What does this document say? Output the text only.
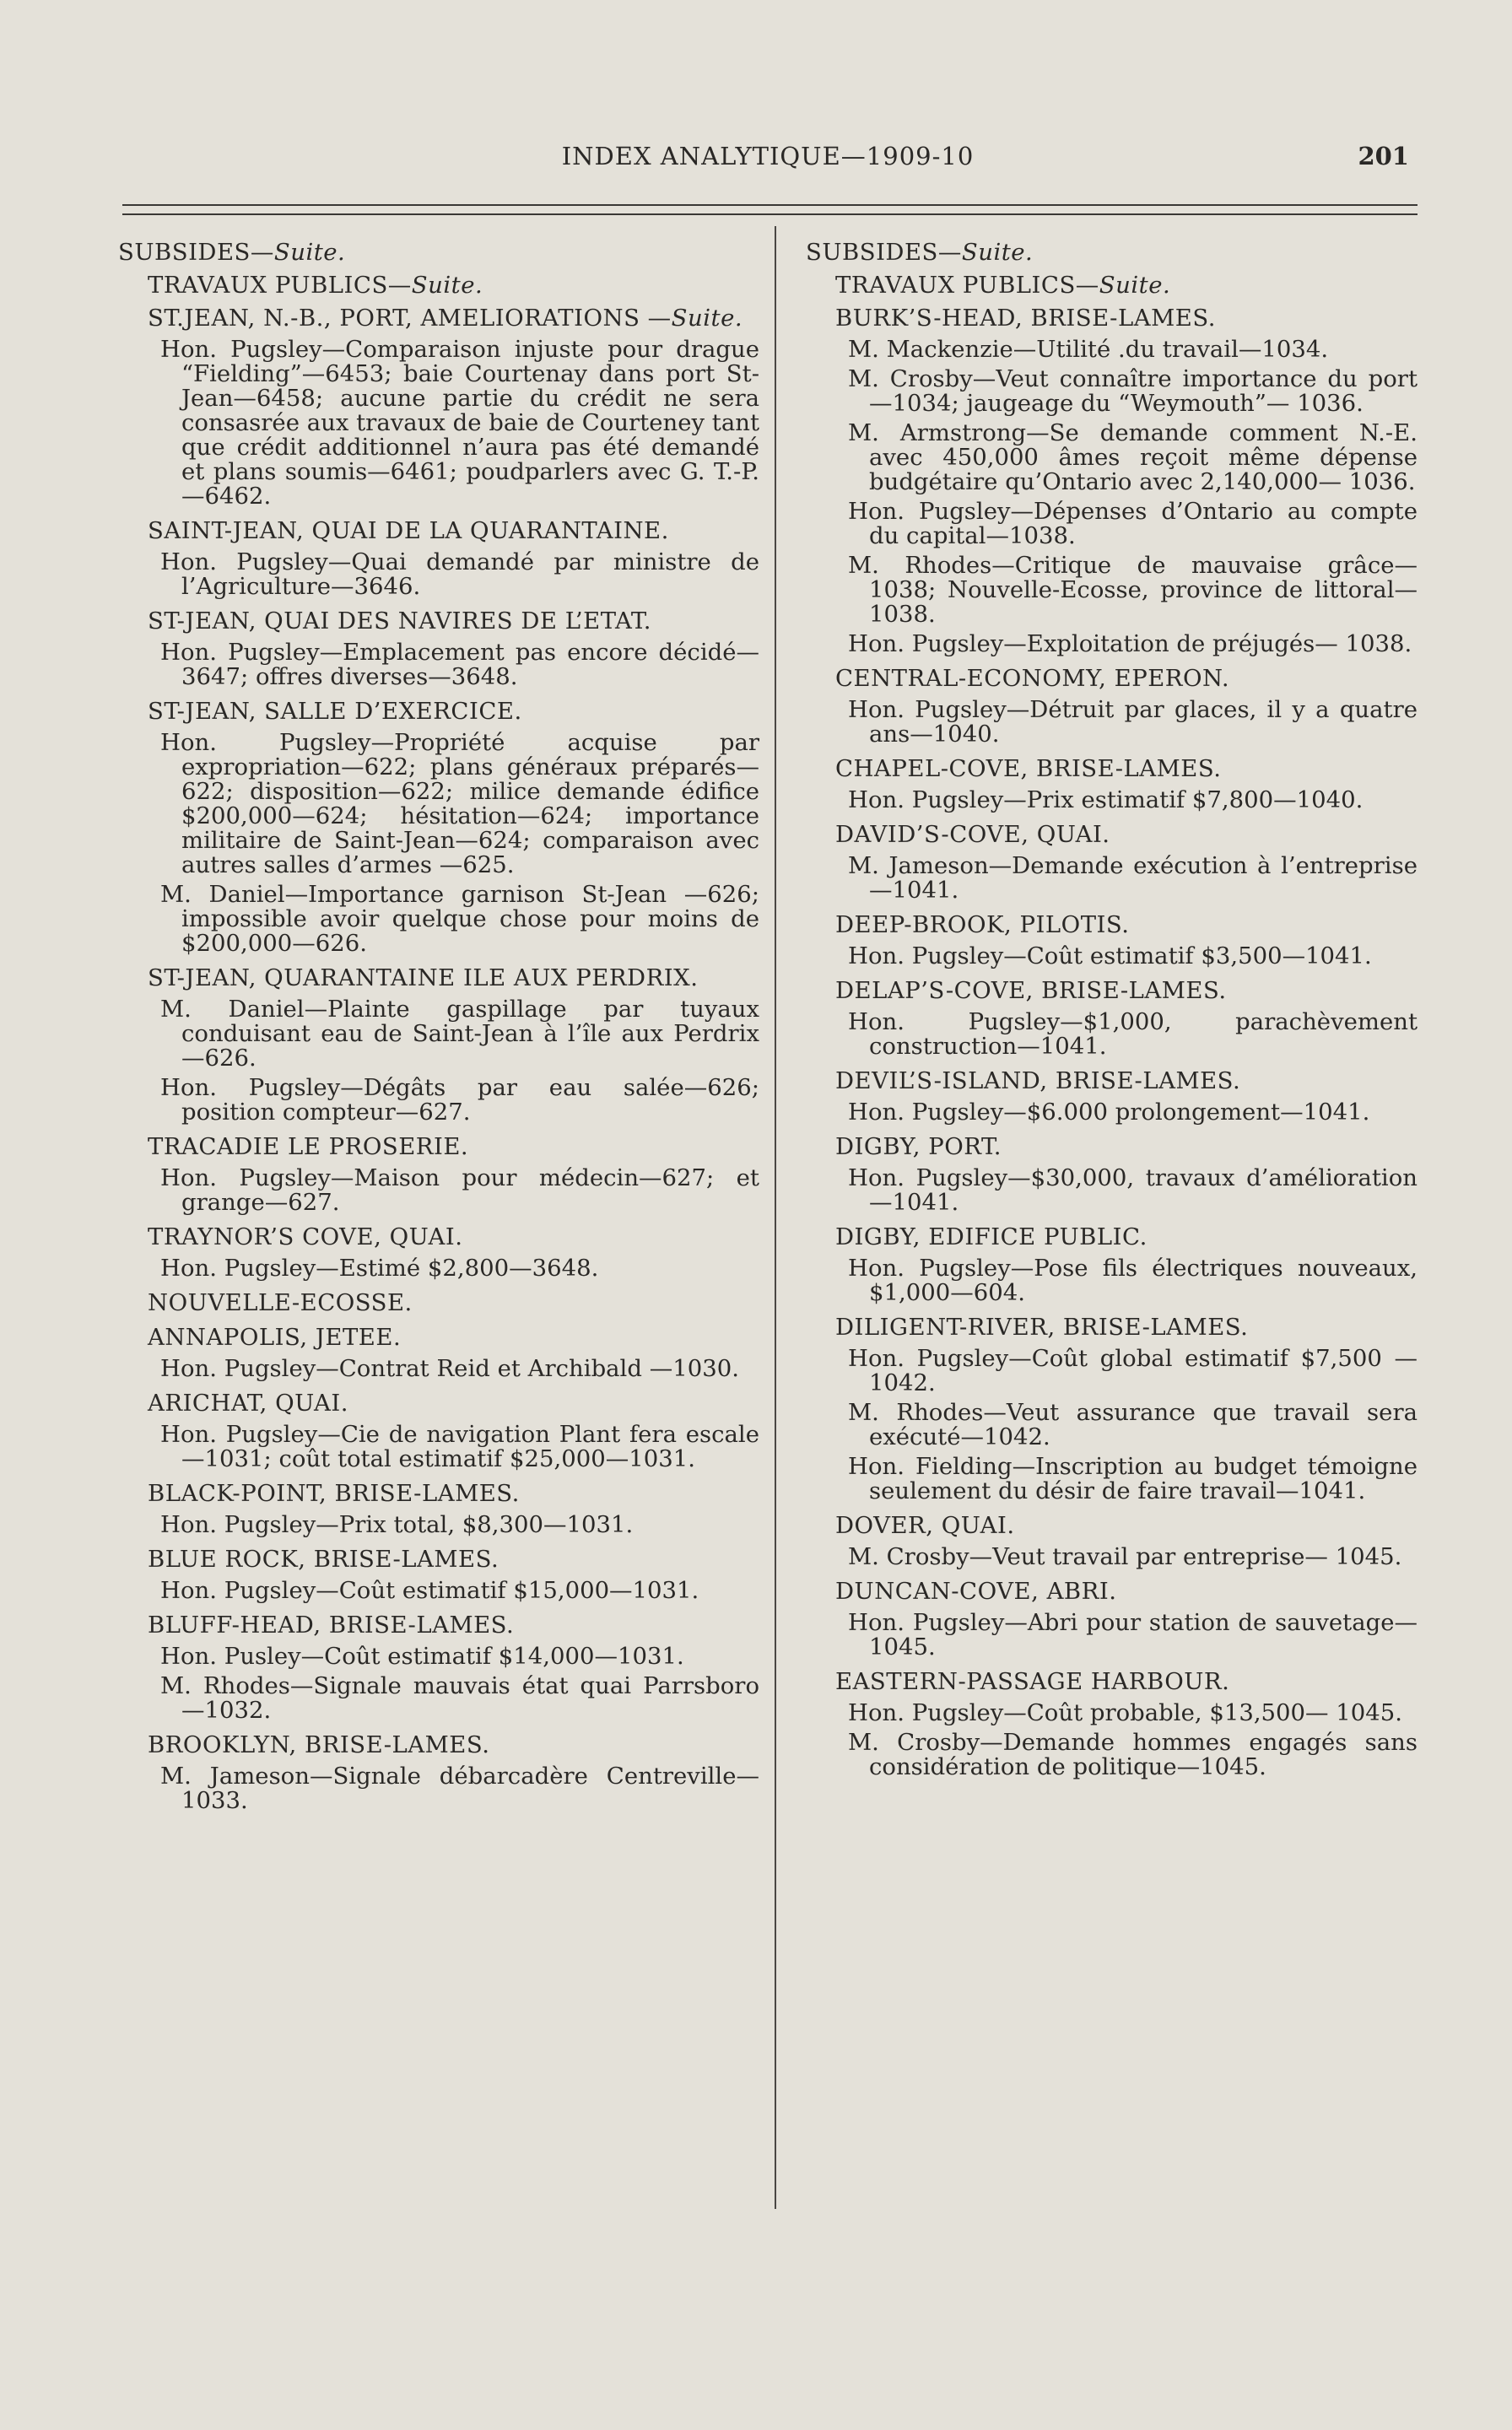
INDEX ANALYTIQUE—1909-10	201
SUBSIDES—Suite.
TRAVAUX PUBLICS—Suite.
ST.JEAN, N.-B., PORT, AMELIORATIONS —Suite.
Hon. Pugsley—Comparaison injuste pour drague “Fielding”—6453; baie Courtenay dans port St-Jean—6458; aucune partie du crédit ne sera consasrée aux travaux de baie de Courteney tant que crédit additionnel n’aura pas été demandé et plans soumis—6461; poudparlers avec G. T.-P.—6462.
SAINT-JEAN, QUAI DE LA QUARANTAINE.
Hon. Pugsley—Quai demandé par ministre de l’Agriculture—3646.
ST-JEAN, QUAI DES NAVIRES DE L’ETAT.
Hon. Pugsley—Emplacement pas encore décidé—3647; offres diverses—3648.
ST-JEAN, SALLE D’EXERCICE.
Hon. Pugsley—Propriété acquise par expropriation—622; plans généraux préparés—622; disposition—622; milice demande édifice $200,000—624; hésitation—624; importance militaire de Saint-Jean—624; comparaison avec autres salles d’armes —625.
M. Daniel—Importance garnison St-Jean —626; impossible avoir quelque chose pour moins de $200,000—626.
ST-JEAN, QUARANTAINE ILE AUX PERDRIX.
M. Daniel—Plainte gaspillage par tuyaux conduisant eau de Saint-Jean à l’île aux Perdrix—626.
Hon. Pugsley—Dégâts par eau salée—626; position compteur—627.
TRACADIE LE PROSERIE.
Hon. Pugsley—Maison pour médecin—627; et grange—627.
TRAYNOR’S COVE, QUAI.
Hon. Pugsley—Estimé $2,800—3648.
NOUVELLE-ECOSSE.
ANNAPOLIS, JETEE.
Hon. Pugsley—Contrat Reid et Archibald —1030.
ARICHAT, QUAI.
Hon. Pugsley—Cie de navigation Plant fera escale—1031; coût total estimatif $25,000—1031.
BLACK-POINT, BRISE-LAMES.
Hon. Pugsley—Prix total, $8,300—1031.
BLUE ROCK, BRISE-LAMES.
Hon. Pugsley—Coût estimatif $15,000—1031.
BLUFF-HEAD, BRISE-LAMES.
Hon. Pusley—Coût estimatif $14,000—1031.
M. Rhodes—Signale mauvais état quai Parrsboro—1032.
BROOKLYN, BRISE-LAMES.
M. Jameson—Signale débarcadère Centreville—1033.
SUBSIDES—Suite.
TRAVAUX PUBLICS—Suite.
BURK’S-HEAD, BRISE-LAMES.
M. Mackenzie—Utilité .du travail—1034.
M. Crosby—Veut connaître importance du port—1034; jaugeage du “Weymouth”— 1036.
M. Armstrong—Se demande comment N.-E. avec 450,000 âmes reçoit même dépense budgétaire qu’Ontario avec 2,140,000— 1036.
Hon. Pugsley—Dépenses d’Ontario au compte du capital—1038.
M. Rhodes—Critique de mauvaise grâce— 1038; Nouvelle-Ecosse, province de littoral—1038.
Hon. Pugsley—Exploitation de préjugés— 1038.
CENTRAL-ECONOMY, EPERON.
Hon. Pugsley—Détruit par glaces, il y a quatre ans—1040.
CHAPEL-COVE, BRISE-LAMES.
Hon. Pugsley—Prix estimatif $7,800—1040.
DAVID’S-COVE, QUAI.
M. Jameson—Demande exécution à l’entreprise—1041.
DEEP-BROOK, PILOTIS.
Hon. Pugsley—Coût estimatif $3,500—1041.
DELAP’S-COVE, BRISE-LAMES.
Hon. Pugsley—$1,000, parachèvement construction—1041.
DEVIL’S-ISLAND, BRISE-LAMES.
Hon. Pugsley—$6.000 prolongement—1041.
DIGBY, PORT.
Hon. Pugsley—$30,000, travaux d’amélioration—1041.
DIGBY, EDIFICE PUBLIC.
Hon. Pugsley—Pose fils électriques nouveaux, $1,000—604.
DILIGENT-RIVER, BRISE-LAMES.
Hon. Pugsley—Coût global estimatif $7,500 —1042.
M. Rhodes—Veut assurance que travail sera exécuté—1042.
Hon. Fielding—Inscription au budget témoigne seulement du désir de faire travail—1041.
DOVER, QUAI.
M. Crosby—Veut travail par entreprise— 1045.
DUNCAN-COVE, ABRI.
Hon. Pugsley—Abri pour station de sauvetage—1045.
EASTERN-PASSAGE HARBOUR.
Hon. Pugsley—Coût probable, $13,500— 1045.
M. Crosby—Demande hommes engagés sans considération de politique—1045.
